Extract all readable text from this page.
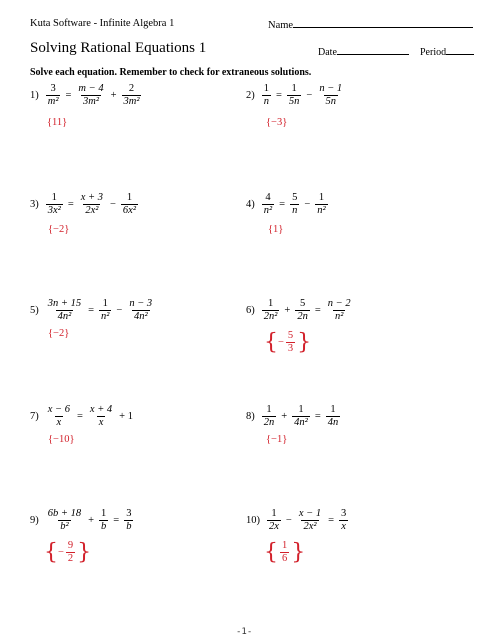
Kuta Software - Infinite Algebra 1	Name
Solving Rational Equations 1	Date	Period
Solve each equation. Remember to check for extraneous solutions.
$1) \frac{3}{\text{m²}} = \frac{m - 4}{\text{3m²}} + \frac{2}{\text{3m²}}$
{11}
$2) \frac{1}{n} = \frac{1}{5n} - \frac{n - 1}{5n}$
{−3}
$3) \frac{1}{\text{3x²}} = \frac{x + 3}{\text{2x²}} - \frac{1}{\text{6x²}}$
{−2}
$4) \frac{4}{\text{n²}} = \frac{5}{n} - \frac{1}{\text{n²}}$
{1}
$5) \frac{3n + 15}{\text{4n²}} = \frac{1}{\text{n²}} - \frac{n - 3}{\text{4n²}}$
{−2}
$6) \frac{1}{\text{2n²}} + \frac{5}{2n} = \frac{n - 2}{\text{n²}}$
{ − $\frac{5}{3}$ }
$7) \frac{x - 6}{x} = \frac{x + 4}{x} + 1$
{−10}
$8) \frac{1}{2n} + \frac{1}{\text{4n²}} = \frac{1}{4n}$
{−1}
$9) \frac{6b + 18}{\text{b²}} + \frac{1}{b} = \frac{3}{b}$
{ − $\frac{9}{2}$ }
$10) \frac{1}{2x} - \frac{x - 1}{\text{2x²}} = \frac{3}{x}$
{ $\frac{1}{6}$ }
-1-
